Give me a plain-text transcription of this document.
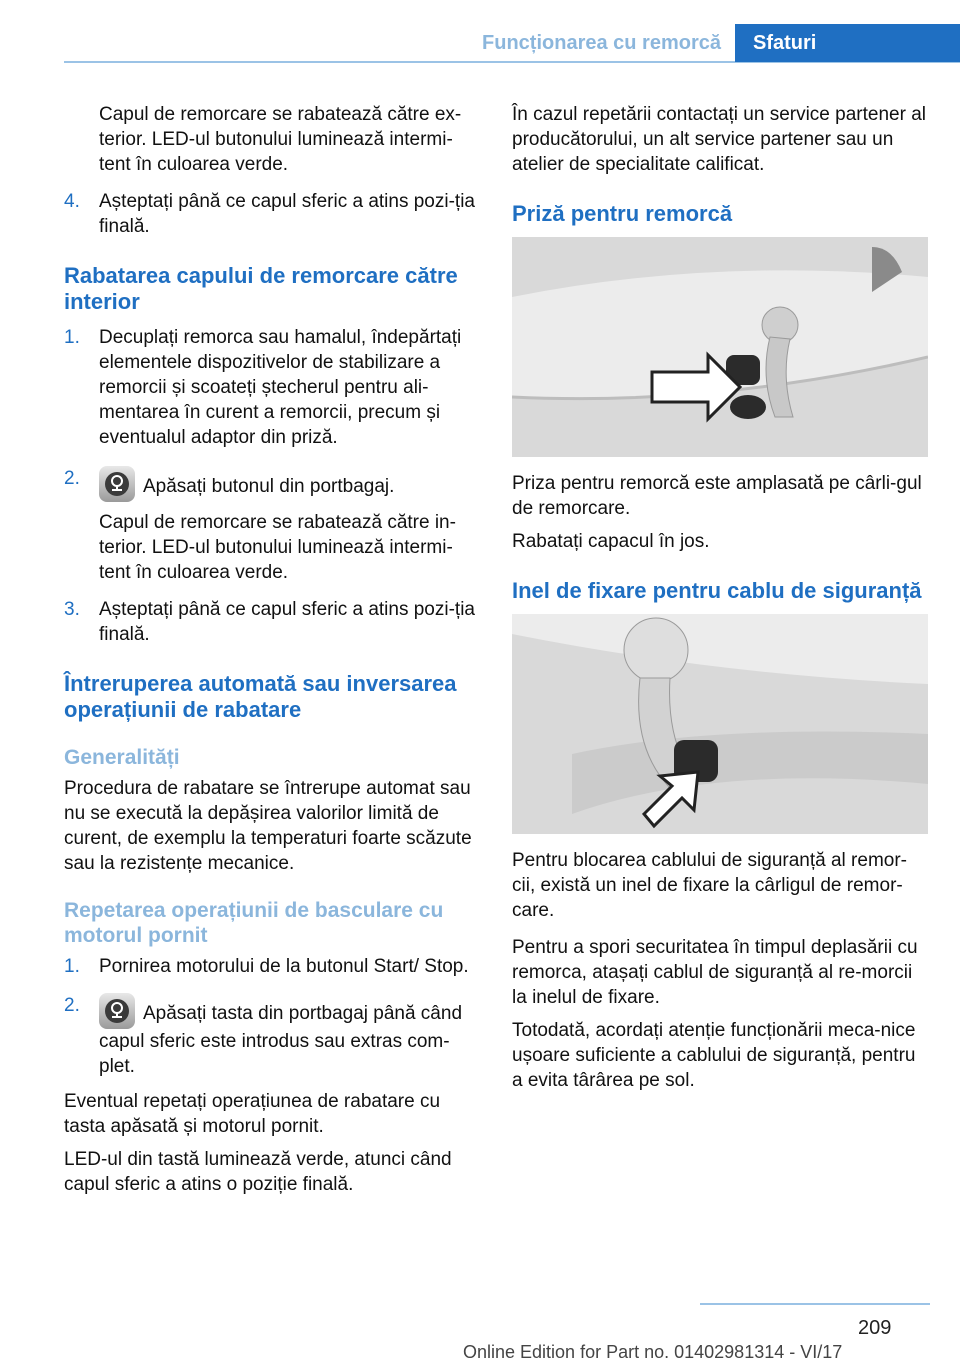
Funcționarea cu remorcă	Sfaturi

Capul de remorcare se rabatează către ex‐terior. LED-ul butonului luminează intermi‐tent în culoarea verde.

4. Așteptați până ce capul sferic a atins pozi‐ția finală.
Rabatarea capului de remorcare către interior
1. Decuplați remorca sau hamalul, îndepărtați elementele dispozitivelor de stabilizare a remorcii și scoateți ștecherul pentru ali‐mentarea în curent a remorcii, precum și eventualul adaptor din priză.
2.	Apăsați butonul din portbagaj.
Capul de remorcare se rabatează către in‐terior. LED-ul butonului luminează intermi‐tent în culoarea verde.
3. Așteptați până ce capul sferic a atins pozi‐ția finală.
Întreruperea automată sau inversarea operațiunii de rabatare
Generalități

Procedura de rabatare se întrerupe automat sau nu se execută la depășirea valorilor limită de curent, de exemplu la temperaturi foarte scăzute sau la rezistențe mecanice.

Repetarea operațiunii de basculare cu motorul pornit
1. Pornirea motorului de la butonul Start/ Stop.
2.	Apăsați tasta din portbagaj până când capul sferic este introdus sau extras com‐plet.

Eventual repetați operațiunea de rabatare cu tasta apăsată și motorul pornit.

LED-ul din tastă luminează verde, atunci când capul sferic a atins o poziție finală.

În cazul repetării contactați un service partener al producătorului, un alt service partener sau un atelier de specialitate calificat.

Priză pentru remorcă

Priza pentru remorcă este amplasată pe cârli‐gul de remorcare.

Rabatați capacul în jos.

Inel de fixare pentru cablu de siguranță

Pentru blocarea cablului de siguranță al remor‐cii, există un inel de fixare la cârligul de remor‐care.

Pentru a spori securitatea în timpul deplasării cu remorca, atașați cablul de siguranță al re‐morcii la inelul de fixare.

Totodată, acordați atenție funcționării meca‐nice ușoare suficiente a cablului de siguranță, pentru a evita târârea pe sol.

209
Online Edition for Part no. 01402981314 - VI/17
